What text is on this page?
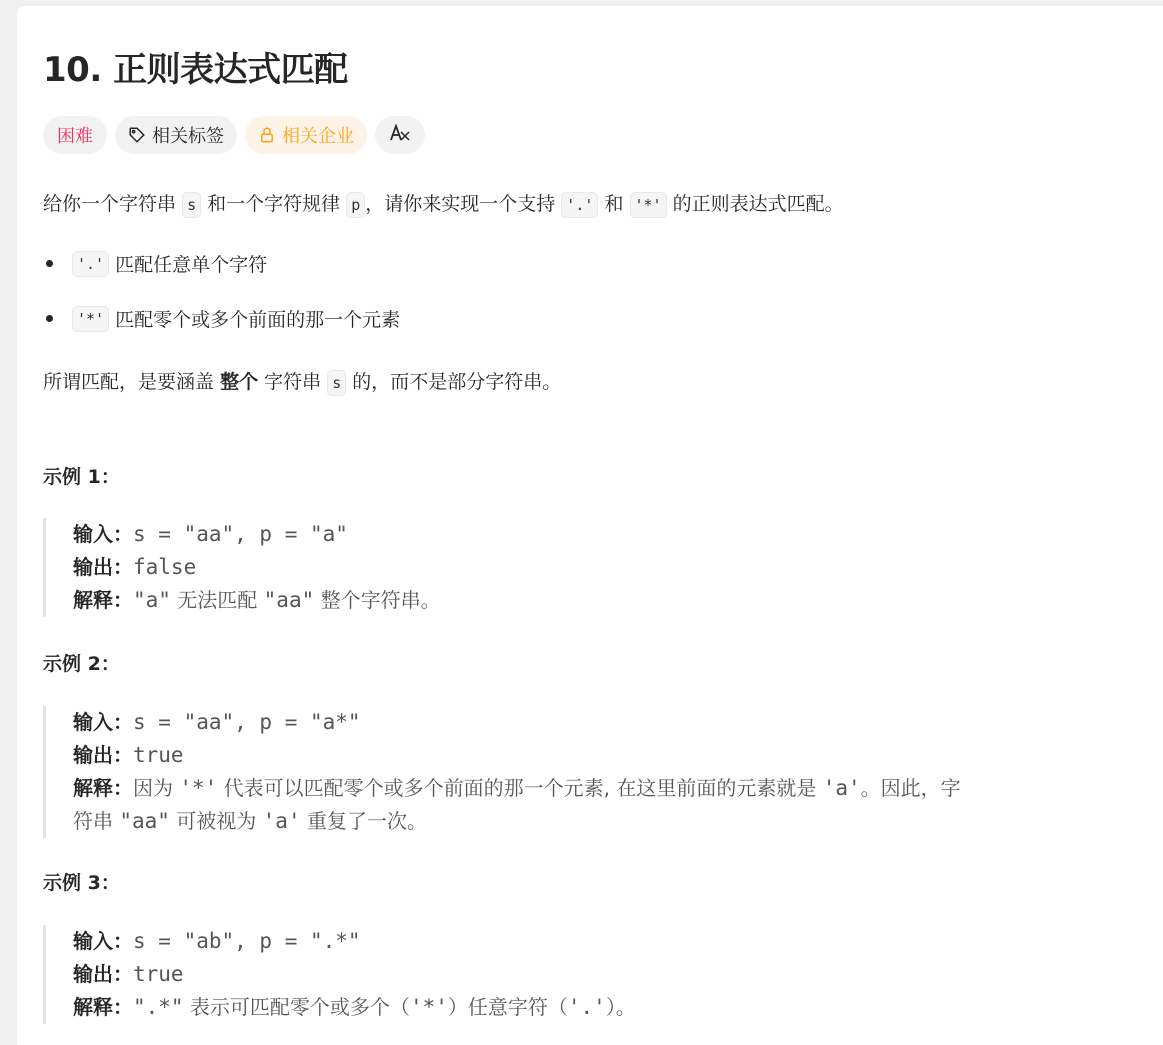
10. 正则表达式匹配
困难	相关标签	相关企业

给你一个字符串 s 和一个字符规律 p ，请你来实现一个支持 '.' 和 '*' 的正则表达式匹配。

'.' 匹配任意单个字符
'*' 匹配零个或多个前面的那一个元素

所谓匹配，是要涵盖 整个 字符串 s 的，而不是部分字符串。

示例 1：

输入：s = "aa", p = "a"
输出：false
解释："a" 无法匹配 "aa" 整个字符串。

示例 2：

输入：s = "aa", p = "a*"
输出：true
解释：因为 '*' 代表可以匹配零个或多个前面的那一个元素, 在这里前面的元素就是 'a'。因此，字
符串 "aa" 可被视为 'a' 重复了一次。

示例 3：

输入：s = "ab", p = ".*"
输出：true
解释：".*" 表示可匹配零个或多个（'*'）任意字符（'.'）。
